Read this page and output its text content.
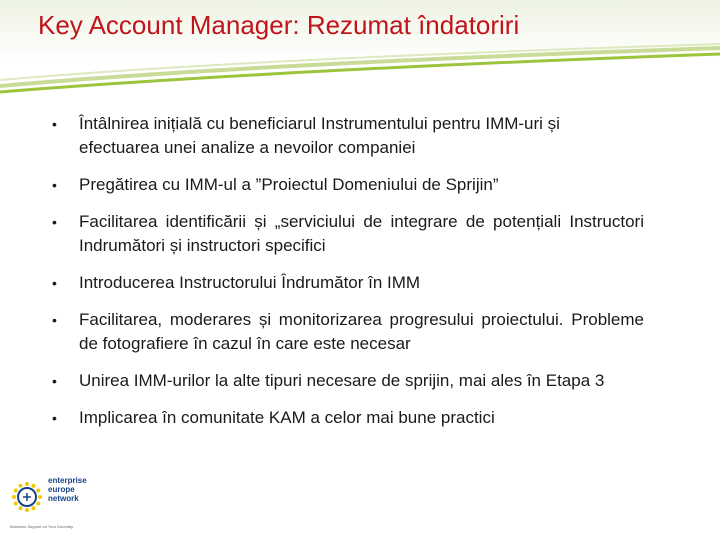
Key Account Manager: Rezumat îndatoriri
• Întâlnirea inițială cu beneficiarul Instrumentului pentru IMM-uri și efectuarea unei analize a nevoilor companiei
• Pregătirea cu IMM-ul a ”Proiectul Domeniului de Sprijin”
• Facilitarea identificării și „serviciului de integrare de potențiali Instructori Indrumători și instructori specifici
• Introducerea Instructorului Îndrumător în IMM
• Facilitarea, moderares și monitorizarea progresului proiectului. Probleme de fotografiere în cazul în care este necesar
• Unirea IMM-urilor la alte tipuri necesare de sprijin, mai ales în Etapa 3
• Implicarea în comunitate KAM a celor mai bune practici
enterprise
europe
network
Business Support on Your Doorstep
